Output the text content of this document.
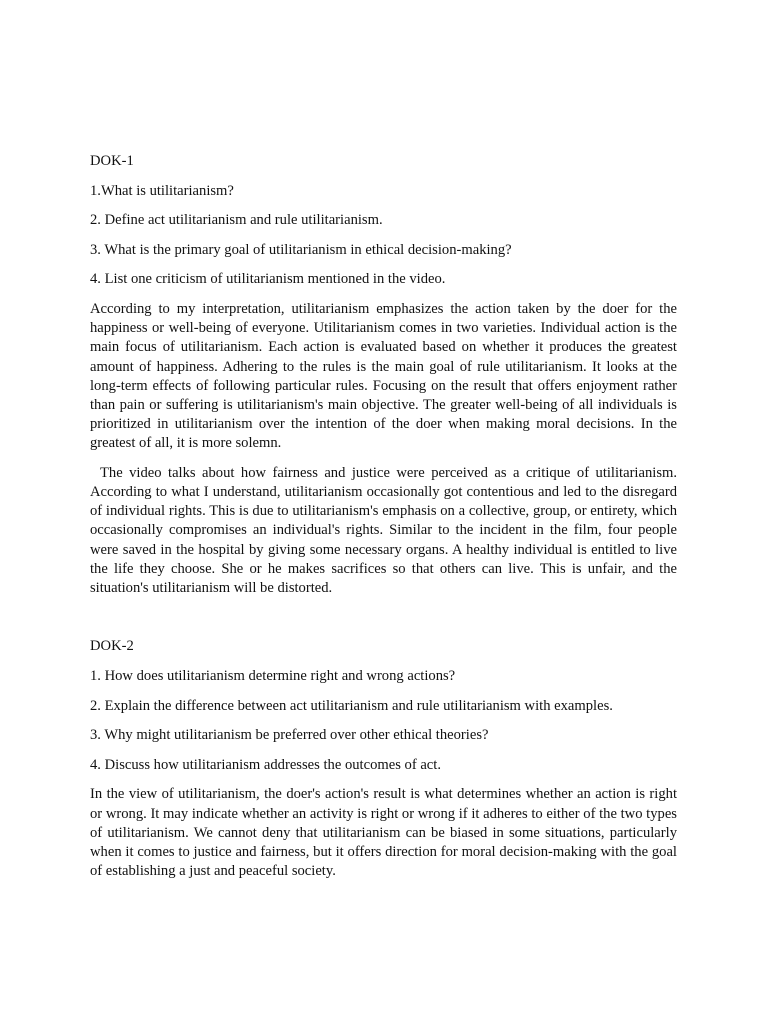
DOK-1
1.What is utilitarianism?
2. Define act utilitarianism and rule utilitarianism.
3. What is the primary goal of utilitarianism in ethical decision-making?
4. List one criticism of utilitarianism mentioned in the video.
According to my interpretation, utilitarianism emphasizes the action taken by the doer for the happiness or well-being of everyone. Utilitarianism comes in two varieties. Individual action is the main focus of utilitarianism. Each action is evaluated based on whether it produces the greatest amount of happiness. Adhering to the rules is the main goal of rule utilitarianism. It looks at the long-term effects of following particular rules. Focusing on the result that offers enjoyment rather than pain or suffering is utilitarianism's main objective. The greater well-being of all individuals is prioritized in utilitarianism over the intention of the doer when making moral decisions. In the greatest of all, it is more solemn.
The video talks about how fairness and justice were perceived as a critique of utilitarianism. According to what I understand, utilitarianism occasionally got contentious and led to the disregard of individual rights. This is due to utilitarianism's emphasis on a collective, group, or entirety, which occasionally compromises an individual's rights. Similar to the incident in the film, four people were saved in the hospital by giving some necessary organs. A healthy individual is entitled to live the life they choose. She or he makes sacrifices so that others can live. This is unfair, and the situation's utilitarianism will be distorted.
DOK-2
1. How does utilitarianism determine right and wrong actions?
2. Explain the difference between act utilitarianism and rule utilitarianism with examples.
3. Why might utilitarianism be preferred over other ethical theories?
4. Discuss how utilitarianism addresses the outcomes of act.
In the view of utilitarianism, the doer's action's result is what determines whether an action is right or wrong. It may indicate whether an activity is right or wrong if it adheres to either of the two types of utilitarianism. We cannot deny that utilitarianism can be biased in some situations, particularly when it comes to justice and fairness, but it offers direction for moral decision-making with the goal of establishing a just and peaceful society.
